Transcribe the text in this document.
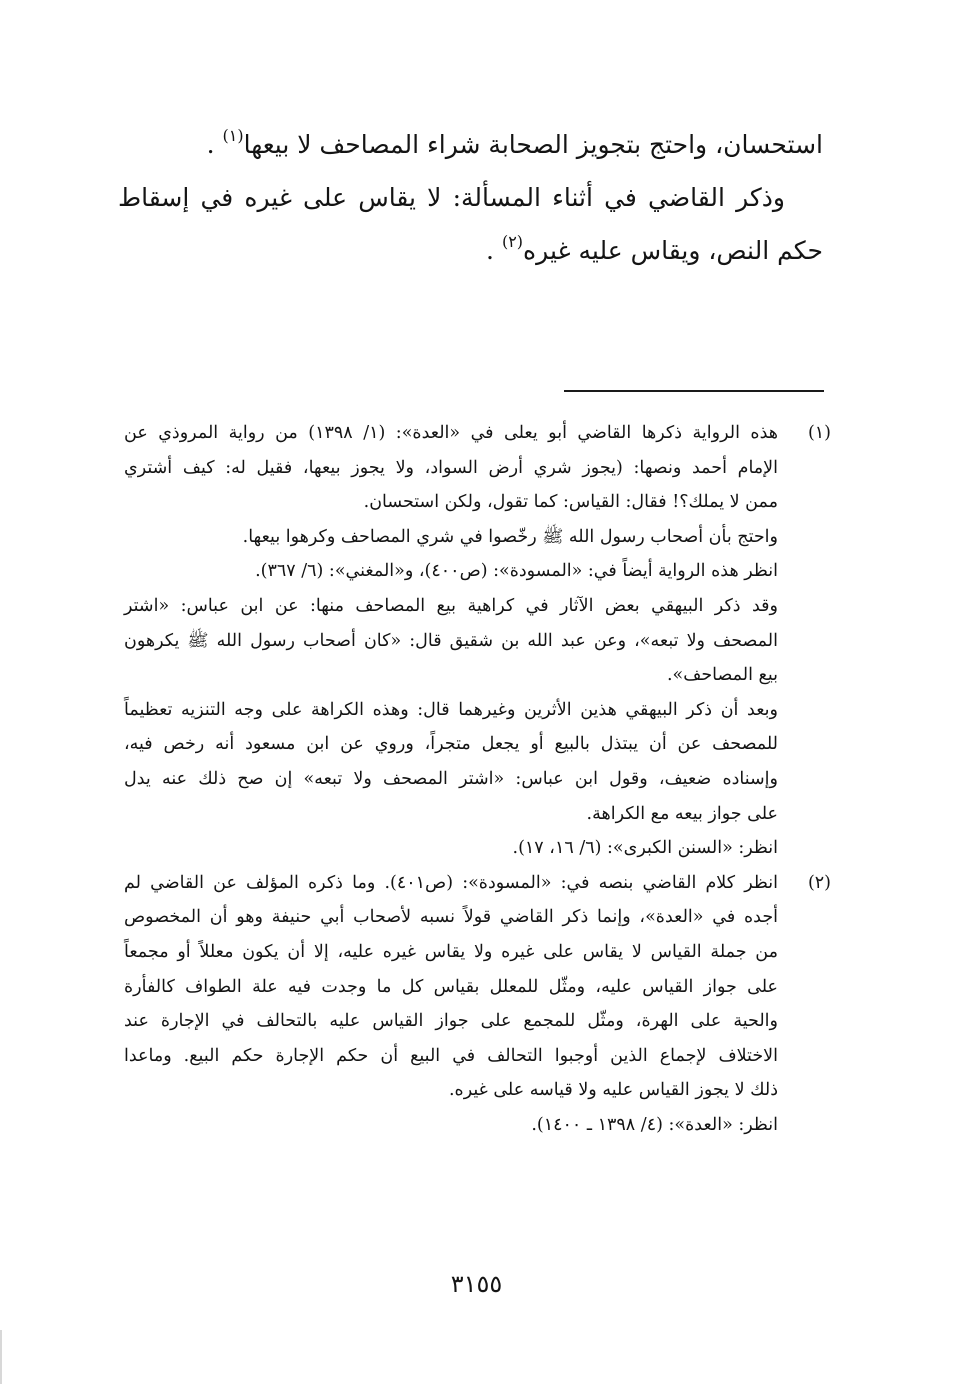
استحسان، واحتج بتجويز الصحابة شراء المصاحف لا بيعها$^{(١)}$ .

وذكر القاضي في أثناء المسألة: لا يقاس على غيره في إسقاط حكم النص، ويقاس عليه غيره$^{(٢)}$ .

(١)
هذه الرواية ذكرها القاضي أبو يعلى في «العدة»: (١/ ١٣٩٨) من رواية المروذي عن
الإمام أحمد ونصها: (يجوز شري أرض السواد، ولا يجوز بيعها، فقيل له: كيف أشتري
ممن لا يملك؟! فقال: القياس: كما تقول، ولكن استحسان.
واحتج بأن أصحاب رسول الله ﷺ رخّصوا في شري المصاحف وكرهوا بيعها.
انظر هذه الرواية أيضاً في: «المسودة»: (ص٤٠٠)، و«المغني»: (٦/ ٣٦٧).
وقد ذكر البيهقي بعض الآثار في كراهية بيع المصاحف منها: عن ابن عباس: «اشتر
المصحف ولا تبعه»، وعن عبد الله بن شقيق قال: «كان أصحاب رسول الله ﷺ يكرهون
بيع المصاحف».
وبعد أن ذكر البيهقي هذين الأثرين وغيرهما قال: وهذه الكراهة على وجه التنزيه تعظيماً
للمصحف عن أن يبتذل بالبيع أو يجعل متجراً، وروي عن ابن مسعود أنه رخص فيه،
وإسناده ضعيف، وقول ابن عباس: «اشتر المصحف ولا تبعه» إن صح ذلك عنه يدل
على جواز بيعه مع الكراهة.
انظر: «السنن الكبرى»: (٦/ ١٦، ١٧).
(٢)
انظر كلام القاضي بنصه في: «المسودة»: (ص٤٠١). وما ذكره المؤلف عن القاضي لم
أجده في «العدة»، وإنما ذكر القاضي قولاً نسبه لأصحاب أبي حنيفة وهو أن المخصوص
من جملة القياس لا يقاس على غيره ولا يقاس غيره عليه، إلا أن يكون معللاً أو مجمعاً
على جواز القياس عليه، ومثّل للمعلل بقياس كل ما وجدت فيه علة الطواف كالفأرة
والحية على الهرة، ومثّل للمجمع على جواز القياس عليه بالتحالف في الإجارة عند
الاختلاف لإجماع الذين أوجبوا التحالف في البيع أن حكم الإجارة حكم البيع. وماعدا
ذلك لا يجوز القياس عليه ولا قياسه على غيره.
انظر: «العدة»: (٤/ ١٣٩٨ ـ ١٤٠٠).
٣١٥٥
